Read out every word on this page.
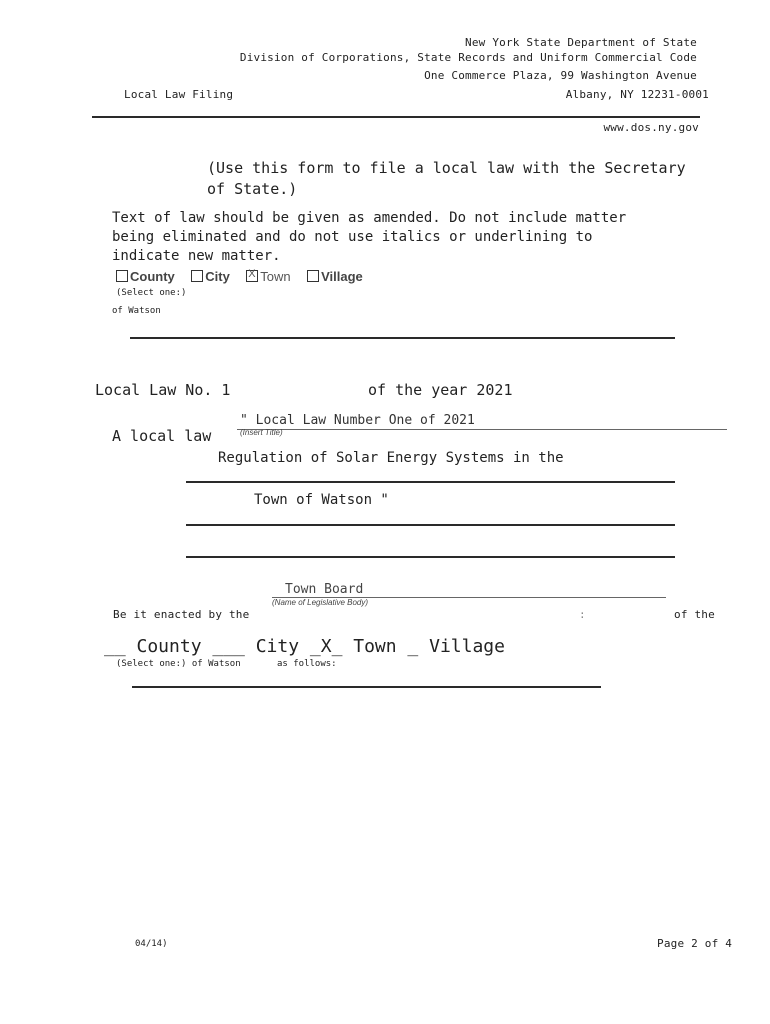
New York State Department of State
Division of Corporations, State Records and Uniform Commercial Code
One Commerce Plaza, 99 Washington Avenue
Local Law Filing	Albany, NY 12231-0001
www.dos.ny.gov
(Use this form to file a local law with the Secretary
of State.)
Text of law should be given as amended. Do not include matter
being eliminated and do not use italics or underlining to
indicate new matter.
County City X Town Village
(Select one:)
of Watson
Local Law No. 1	of the year 2021
A local law
" Local Law Number One of 2021
(Insert Title)
Regulation of Solar Energy Systems in the
Town of Watson "
Town Board
(Name of Legislative Body)
Be it enacted by the	:	of the
__ County ___ City _X_ Town _ Village
(Select one:) of Watson	as follows:
04/14)	Page 2 of 4
